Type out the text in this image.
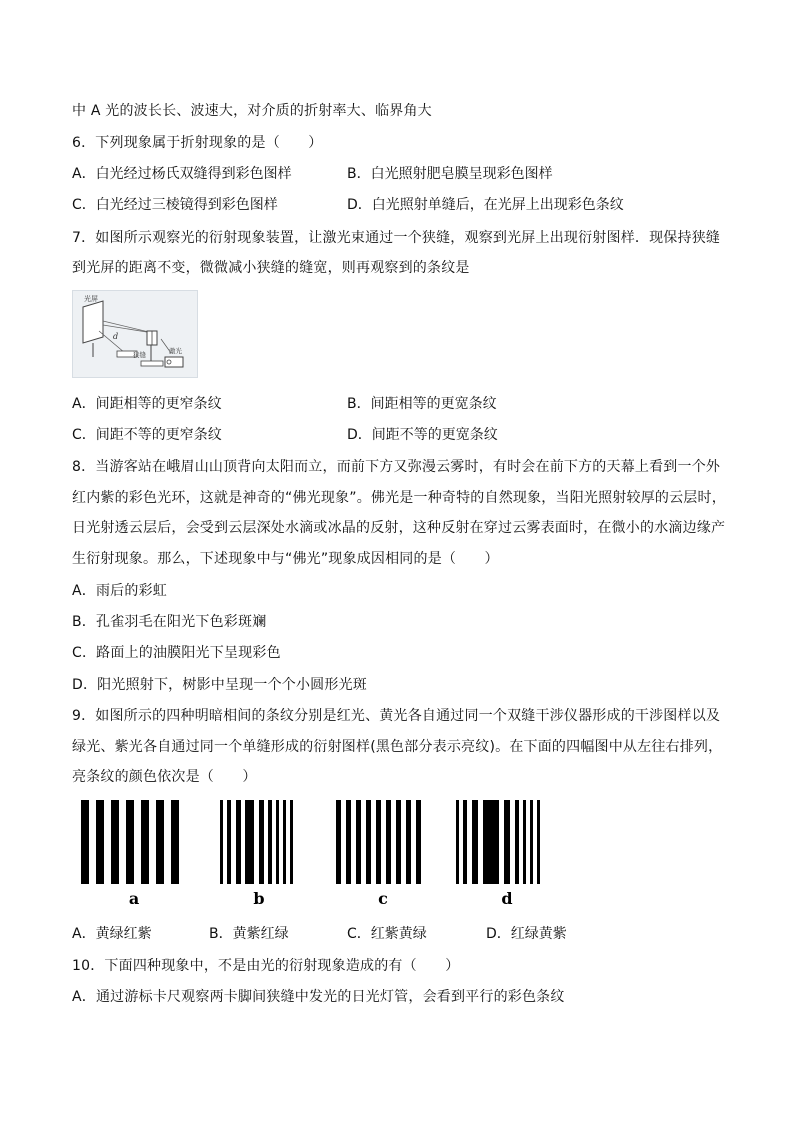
中 A 光的波长长、波速大，对介质的折射率大、临界角大
6．下列现象属于折射现象的是（　　）
A．白光经过杨氏双缝得到彩色图样	B．白光照射肥皂膜呈现彩色图样
C．白光经过三棱镜得到彩色图样	D．白光照射单缝后，在光屏上出现彩色条纹
7．如图所示观察光的衍射现象装置，让激光束通过一个狭缝，观察到光屏上出现衍射图样．现保持狭缝
到光屏的距离不变，微微减小狭缝的缝宽，则再观察到的条纹是
光屏
d
狭缝	激光
A．间距相等的更窄条纹	B．间距相等的更宽条纹
C．间距不等的更窄条纹	D．间距不等的更宽条纹
8．当游客站在峨眉山山顶背向太阳而立，而前下方又弥漫云雾时，有时会在前下方的天幕上看到一个外
红内紫的彩色光环，这就是神奇的“佛光现象”。佛光是一种奇特的自然现象，当阳光照射较厚的云层时，
日光射透云层后，会受到云层深处水滴或冰晶的反射，这种反射在穿过云雾表面时，在微小的水滴边缘产
生衍射现象。那么，下述现象中与“佛光”现象成因相同的是（　　）
A．雨后的彩虹
B．孔雀羽毛在阳光下色彩斑斓
C．路面上的油膜阳光下呈现彩色
D．阳光照射下，树影中呈现一个个小圆形光斑
9．如图所示的四种明暗相间的条纹分别是红光、黄光各自通过同一个双缝干涉仪器形成的干涉图样以及
绿光、紫光各自通过同一个单缝形成的衍射图样(黑色部分表示亮纹)。在下面的四幅图中从左往右排列，
亮条纹的颜色依次是（　　）
a	b	c	d
A．黄绿红紫	B．黄紫红绿	C．红紫黄绿	D．红绿黄紫
10．下面四种现象中，不是由光的衍射现象造成的有（　　）
A．通过游标卡尺观察两卡脚间狭缝中发光的日光灯管，会看到平行的彩色条纹
